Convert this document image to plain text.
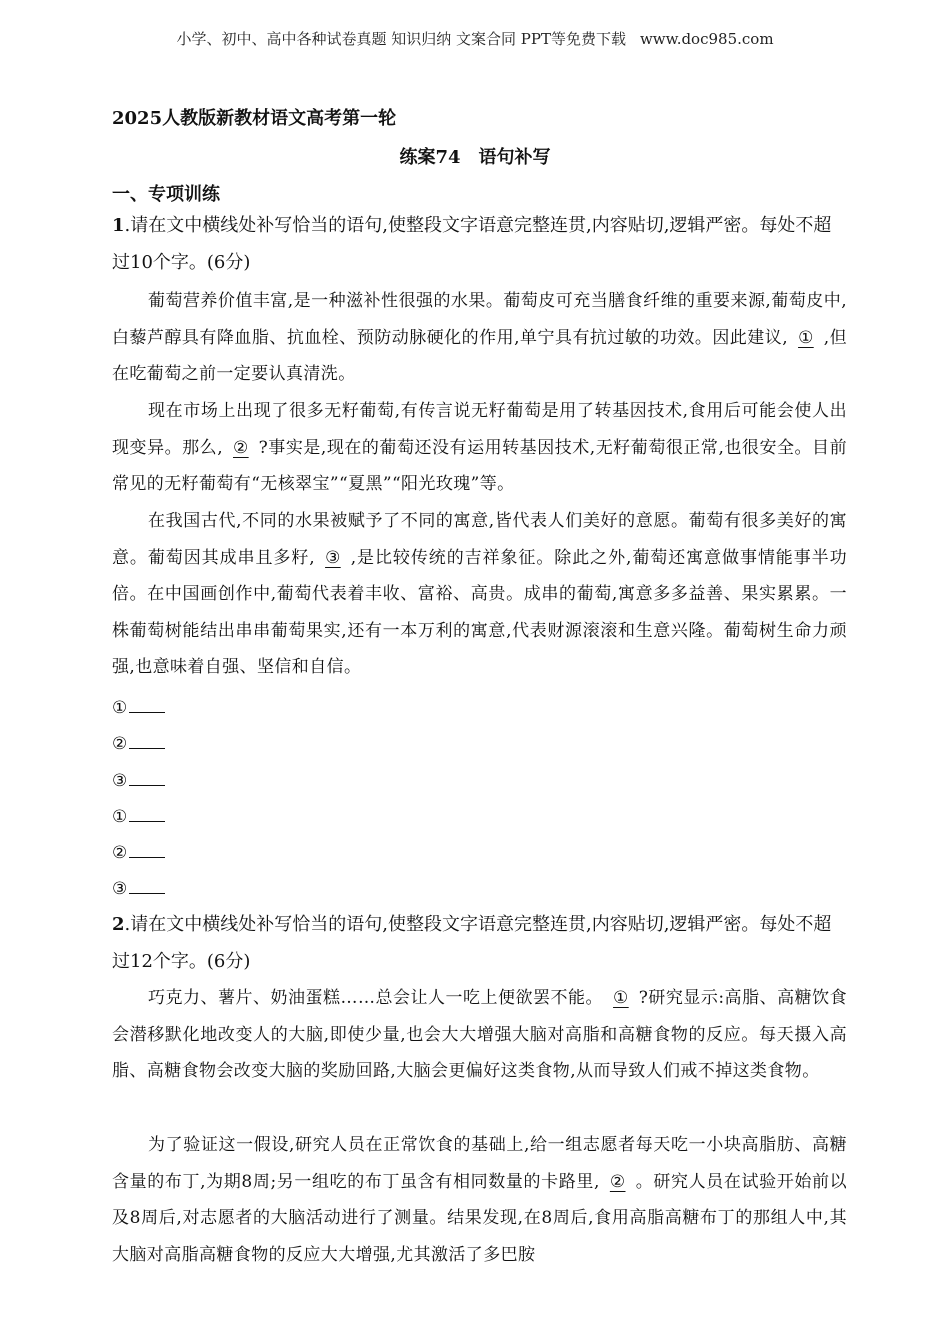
小学、初中、高中各种试卷真题 知识归纳 文案合同 PPT等免费下载 www.doc985.com
2025人教版新教材语文高考第一轮
练案74　语句补写
一、专项训练
1.请在文中横线处补写恰当的语句,使整段文字语意完整连贯,内容贴切,逻辑严密。每处不超过10个字。(6分)
葡萄营养价值丰富,是一种滋补性很强的水果。葡萄皮可充当膳食纤维的重要来源,葡萄皮中,白藜芦醇具有降血脂、抗血栓、预防动脉硬化的作用,单宁具有抗过敏的功效。因此建议, ① ,但在吃葡萄之前一定要认真清洗。
现在市场上出现了很多无籽葡萄,有传言说无籽葡萄是用了转基因技术,食用后可能会使人出现变异。那么, ② ?事实是,现在的葡萄还没有运用转基因技术,无籽葡萄很正常,也很安全。目前常见的无籽葡萄有“无核翠宝”“夏黑”“阳光玫瑰”等。
在我国古代,不同的水果被赋予了不同的寓意,皆代表人们美好的意愿。葡萄有很多美好的寓意。葡萄因其成串且多籽, ③ ,是比较传统的吉祥象征。除此之外,葡萄还寓意做事情能事半功倍。在中国画创作中,葡萄代表着丰收、富裕、高贵。成串的葡萄,寓意多多益善、果实累累。一株葡萄树能结出串串葡萄果实,还有一本万利的寓意,代表财源滚滚和生意兴隆。葡萄树生命力顽强,也意味着自强、坚信和自信。
①
②
③
①
②
③
2.请在文中横线处补写恰当的语句,使整段文字语意完整连贯,内容贴切,逻辑严密。每处不超过12个字。(6分)
巧克力、薯片、奶油蛋糕……总会让人一吃上便欲罢不能。 ① ?研究显示:高脂、高糖饮食会潜移默化地改变人的大脑,即使少量,也会大大增强大脑对高脂和高糖食物的反应。每天摄入高脂、高糖食物会改变大脑的奖励回路,大脑会更偏好这类食物,从而导致人们戒不掉这类食物。
为了验证这一假设,研究人员在正常饮食的基础上,给一组志愿者每天吃一小块高脂肪、高糖含量的布丁,为期8周;另一组吃的布丁虽含有相同数量的卡路里, ② 。研究人员在试验开始前以及8周后,对志愿者的大脑活动进行了测量。结果发现,在8周后,食用高脂高糖布丁的那组人中,其大脑对高脂高糖食物的反应大大增强,尤其激活了多巴胺
